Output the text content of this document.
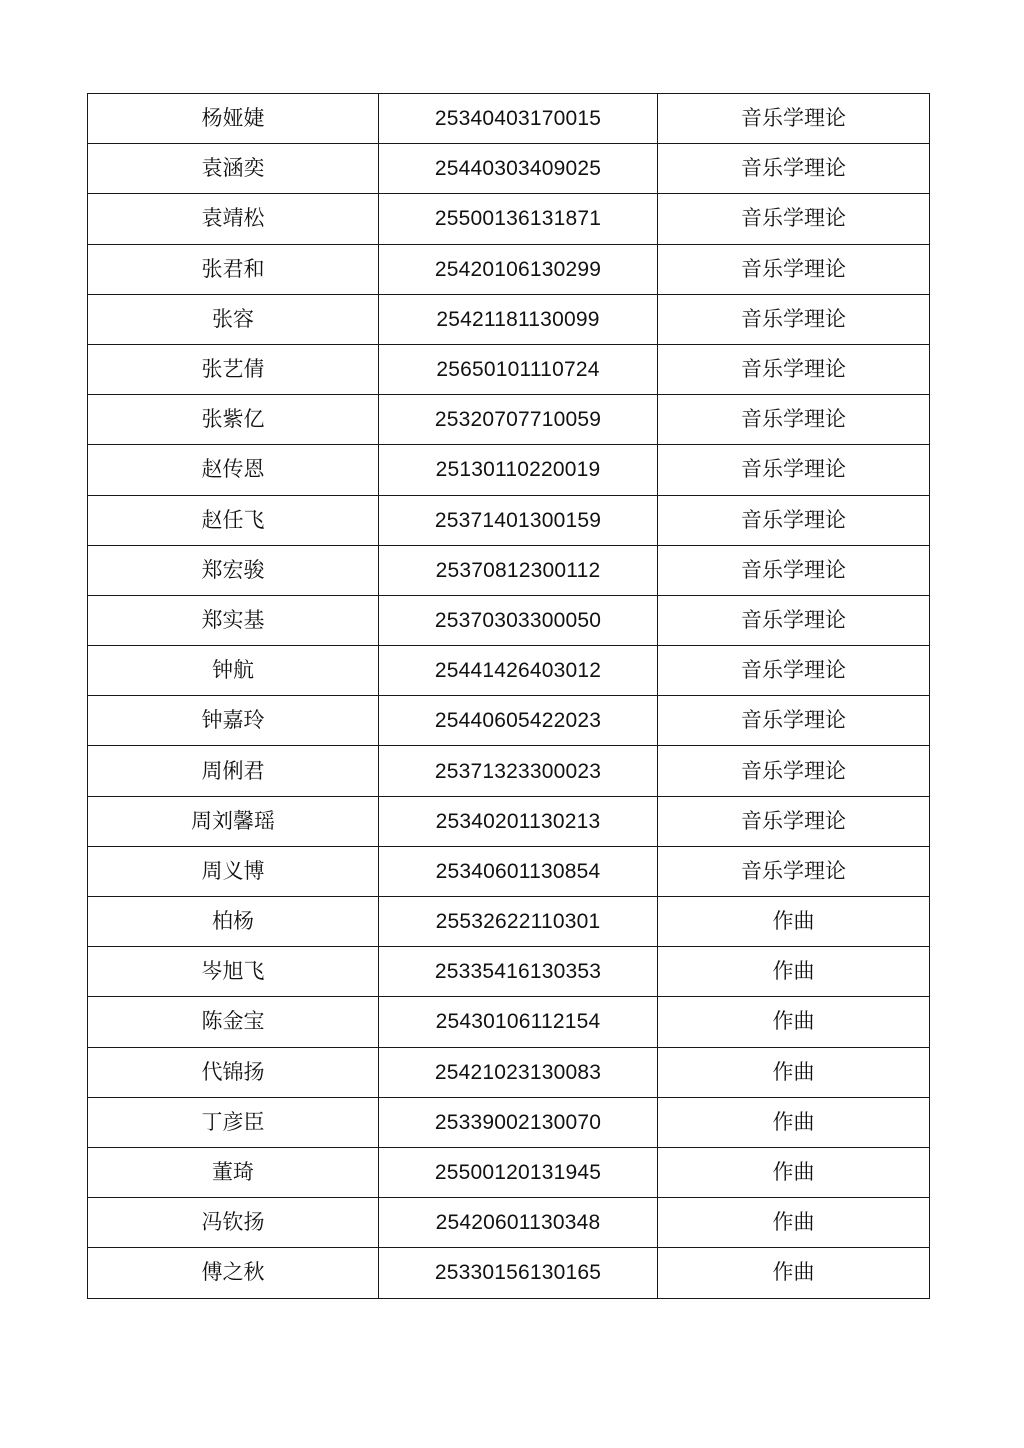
杨娅婕	25340403170015	音乐学理论
袁涵奕	25440303409025	音乐学理论
袁靖松	25500136131871	音乐学理论
张君和	25420106130299	音乐学理论
张容	25421181130099	音乐学理论
张艺倩	25650101110724	音乐学理论
张紫亿	25320707710059	音乐学理论
赵传恩	25130110220019	音乐学理论
赵任飞	25371401300159	音乐学理论
郑宏骏	25370812300112	音乐学理论
郑实基	25370303300050	音乐学理论
钟航	25441426403012	音乐学理论
钟嘉玲	25440605422023	音乐学理论
周俐君	25371323300023	音乐学理论
周刘馨瑶	25340201130213	音乐学理论
周义博	25340601130854	音乐学理论
柏杨	25532622110301	作曲
岑旭飞	25335416130353	作曲
陈金宝	25430106112154	作曲
代锦扬	25421023130083	作曲
丁彦臣	25339002130070	作曲
董琦	25500120131945	作曲
冯钦扬	25420601130348	作曲
傅之秋	25330156130165	作曲
